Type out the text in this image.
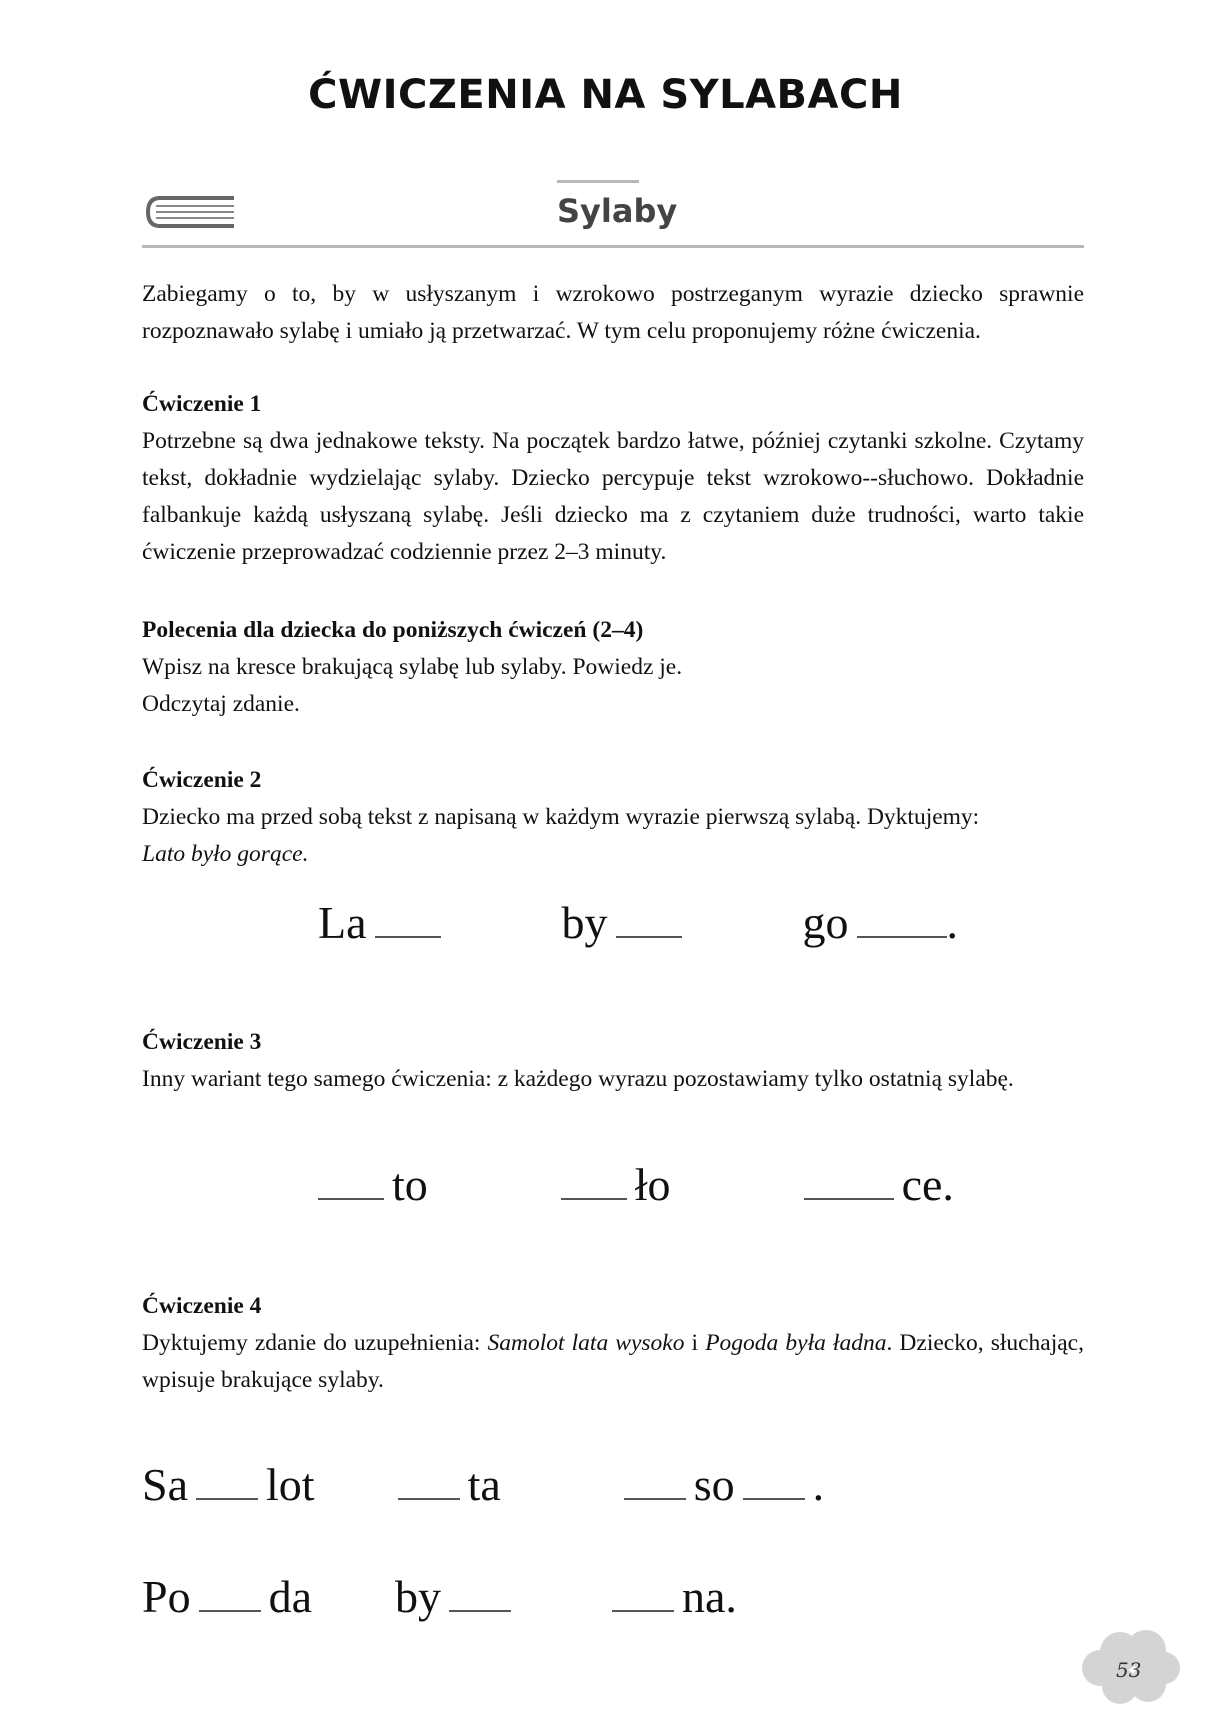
ĆWICZENIA NA SYLABACH
Sylaby

Zabiegamy o to, by w usłyszanym i wzrokowo postrzeganym wyrazie dziecko sprawnie rozpoznawało sylabę i umiało ją przetwarzać. W tym celu proponujemy różne ćwiczenia.

Ćwiczenie 1

Potrzebne są dwa jednakowe teksty. Na początek bardzo łatwe, później czytanki szkolne. Czytamy tekst, dokładnie wydzielając sylaby. Dziecko percypuje tekst wzrokowo--słuchowo. Dokładnie falbankuje każdą usłyszaną sylabę. Jeśli dziecko ma z czytaniem duże trudności, warto takie ćwiczenie przeprowadzać codziennie przez 2–3 minuty.

Polecenia dla dziecka do poniższych ćwiczeń (2–4)
Wpisz na kresce brakującą sylabę lub sylaby. Powiedz je.
Odczytaj zdanie.
Ćwiczenie 2
Dziecko ma przed sobą tekst z napisaną w każdym wyrazie pierwszą sylabą. Dyktujemy:
Lato było gorące.
La	by	go .
Ćwiczenie 3

Inny wariant tego samego ćwiczenia: z każdego wyrazu pozostawiamy tylko ostatnią sylabę.

to	ło	ce.
Ćwiczenie 4

Dyktujemy zdanie do uzupełnienia: Samolot lata wysoko i Pogoda była ładna. Dziecko, słuchając, wpisuje brakujące sylaby.

Sa lot	ta	so .
Po da by	na.
53
